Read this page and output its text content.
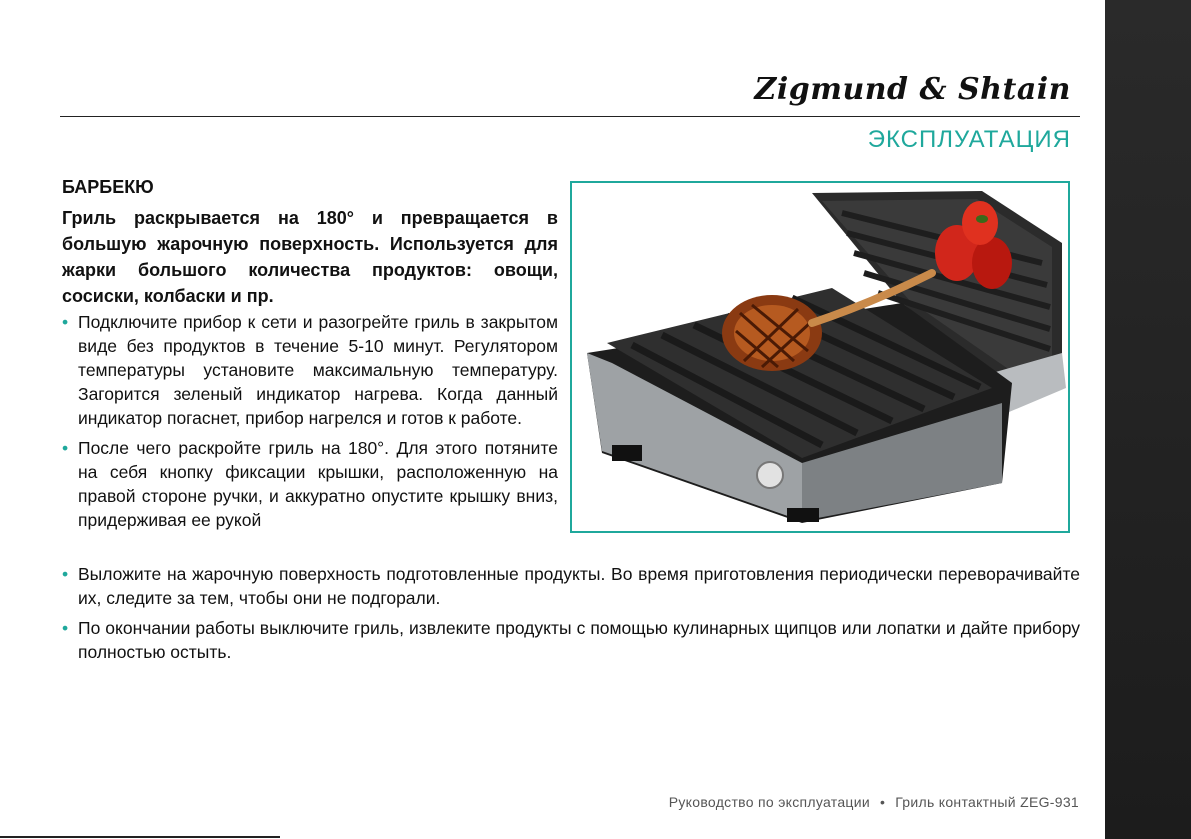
Zigmund & Shtain
ЭКСПЛУАТАЦИЯ
БАРБЕКЮ

Гриль раскрывается на 180° и превращается в большую жарочную поверхность. Используется для жарки большого количества продуктов: овощи, сосиски, колбаски и пр.

• Подключите прибор к сети и разогрейте гриль в закрытом виде без продуктов в течение 5-10 минут. Регулятором температуры установите максимальную температуру. Загорится зеленый индикатор нагрева. Когда данный индикатор погаснет, прибор нагрелся и готов к работе.
• После чего раскройте гриль на 180°. Для этого потяните на себя кнопку фиксации крышки, расположенную на правой стороне ручки, и аккуратно опустите крышку вниз, придерживая ее рукой
• Выложите на жарочную поверхность подготовленные продукты. Во время приготовления периодически переворачивайте их, следите за тем, чтобы они не подгорали.
• По окончании работы выключите гриль, извлеките продукты с помощью кулинарных щипцов или лопатки и дайте прибору полностью остыть.
Руководство по эксплуатации • Гриль контактный ZEG-931
